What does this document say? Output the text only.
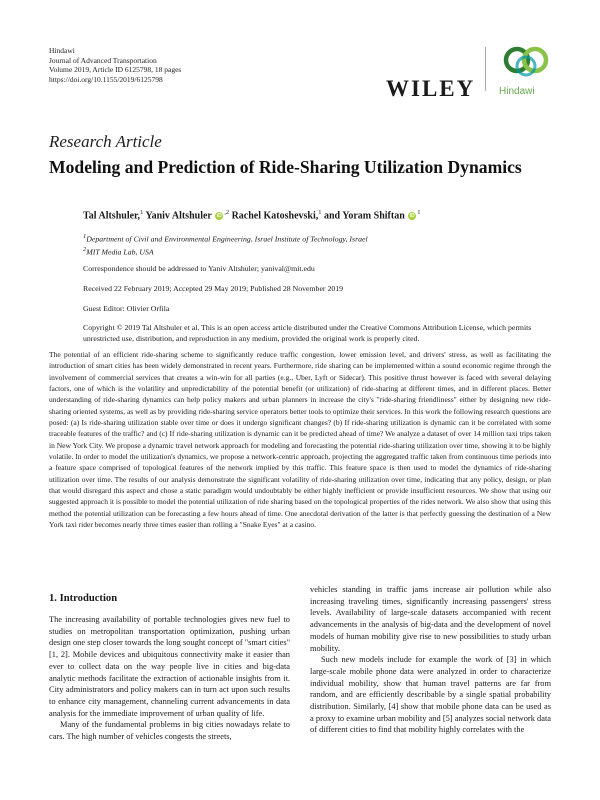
Hindawi
Journal of Advanced Transportation
Volume 2019, Article ID 6125798, 18 pages
https://doi.org/10.1155/2019/6125798	WILEY Hindawi
Research Article
Modeling and Prediction of Ride-Sharing Utilization Dynamics
Tal Altshuler,$^1$ Yaniv Altshuler $iD^{,2}$ Rachel Katoshevski,$^1$ and Yoram Shiftan $iD^1$
$^1$Department of Civil and Environmental Engineering, Israel Institute of Technology, Israel
$^2$MIT Media Lab, USA
Correspondence should be addressed to Yaniv Altshuler; yanival@mit.edu
Received 22 February 2019; Accepted 29 May 2019; Published 28 November 2019
Guest Editor: Olivier Orfila
Copyright © 2019 Tal Altshuler et al. This is an open access article distributed under the Creative Commons Attribution License, which permits unrestricted use, distribution, and reproduction in any medium, provided the original work is properly cited.
The potential of an efficient ride-sharing scheme to significantly reduce traffic congestion, lower emission level, and drivers' stress, as well as facilitating the introduction of smart cities has been widely demonstrated in recent years. Furthermore, ride sharing can be implemented within a sound economic regime through the involvement of commercial services that creates a win-win for all parties (e.g., Uber, Lyft or Sidecar). This positive thrust however is faced with several delaying factors, one of which is the volatility and unpredictability of the potential benefit (or utilization) of ride-sharing at different times, and in different places. Better understanding of ride-sharing dynamics can help policy makers and urban planners in increase the city's "ride-sharing friendliness" either by designing new ride-sharing oriented systems, as well as by providing ride-sharing service operators better tools to optimize their services. In this work the following research questions are posed: (a) Is ride-sharing utilization stable over time or does it undergo significant changes? (b) If ride-sharing utilization is dynamic can it be correlated with some traceable features of the traffic? and (c) If ride-sharing utilization is dynamic can it be predicted ahead of time? We analyze a dataset of over 14 million taxi trips taken in New York City. We propose a dynamic travel network approach for modeling and forecasting the potential ride-sharing utilization over time, showing it to be highly volatile. In order to model the utilization's dynamics, we propose a network-centric approach, projecting the aggregated traffic taken from continuous time periods into a feature space comprised of topological features of the network implied by this traffic. This feature space is then used to model the dynamics of ride-sharing utilization over time. The results of our analysis demonstrate the significant volatility of ride-sharing utilization over time, indicating that any policy, design, or plan that would disregard this aspect and chose a static paradigm would undoubtably be either highly inefficient or provide insufficient resources. We show that using our suggested approach it is possible to model the potential utilization of ride sharing based on the topological properties of the rides network. We also show that using this method the potential utilization can be forecasting a few hours ahead of time. One anecdotal derivation of the latter is that perfectly guessing the destination of a New York taxi rider becomes nearly three times easier than rolling a "Snake Eyes" at a casino.
1. Introduction

The increasing availability of portable technologies gives new fuel to studies on metropolitan transportation optimization, pushing urban design one step closer towards the long sought concept of "smart cities" [1, 2]. Mobile devices and ubiquitous connectivity make it easier than ever to collect data on the way people live in cities and big-data analytic methods facilitate the extraction of actionable insights from it. City administrators and policy makers can in turn act upon such results to enhance city management, channeling current advancements in data analysis for the immediate improvement of urban quality of life.

Many of the fundamental problems in big cities nowadays relate to cars. The high number of vehicles congests the streets,

vehicles standing in traffic jams increase air pollution while also increasing traveling times, significantly increasing passengers' stress levels. Availability of large-scale datasets accompanied with recent advancements in the analysis of big-data and the development of novel models of human mobility give rise to new possibilities to study urban mobility.

Such new models include for example the work of [3] in which large-scale mobile phone data were analyzed in order to characterize individual mobility, show that human travel patterns are far from random, and are efficiently describable by a single spatial probability distribution. Similarly, [4] show that mobile phone data can be used as a proxy to examine urban mobility and [5] analyzes social network data of different cities to find that mobility highly correlates with the
